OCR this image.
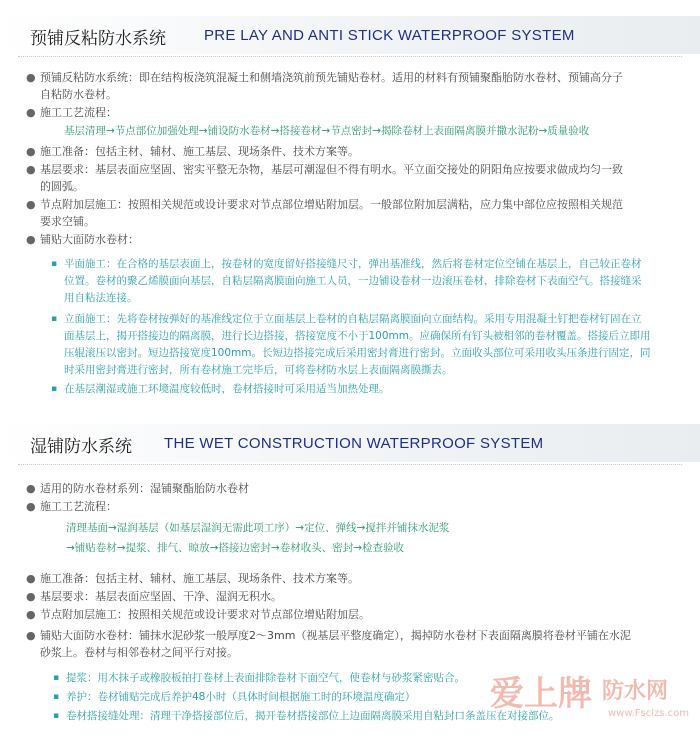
预铺反粘防水系统	PRE LAY AND ANTI STICK WATERPROOF SYSTEM
● 预铺反粘防水系统：即在结构板浇筑混凝土和侧墙浇筑前预先铺贴卷材。适用的材料有预铺聚酯胎防水卷材、预铺高分子
自粘防水卷材。
● 施工工艺流程：
基层清理→节点部位加强处理→铺设防水卷材→搭接卷材→节点密封→揭除卷材上表面隔离膜并撒水泥粉→质量验收
● 施工准备：包括主材、辅材、施工基层、现场条件、技术方案等。
● 基层要求：基层表面应坚固、密实平整无杂物，基层可潮湿但不得有明水。平立面交接处的阴阳角应按要求做成均匀一致
的圆弧。
● 节点附加层施工：按照相关规范或设计要求对节点部位增贴附加层。一般部位附加层满粘，应力集中部位应按照相关规范
要求空铺。
● 铺贴大面防水卷材：
▪ 平面施工：在合格的基层表面上，按卷材的宽度留好搭接缝尺寸，弹出基准线，然后将卷材定位空铺在基层上，自己较正卷材
位置。卷材的聚乙烯膜面向基层，自粘层隔离膜面向施工人员，一边铺设卷材一边滚压卷材，排除卷材下表面空气。搭接缝采
用自粘法连接。
▪ 立面施工：先将卷材按弹好的基准线定位于立面基层上卷材的自粘层隔离膜面向立面结构。采用专用混凝土钉把卷材钉固在立
面基层上，揭开搭接边的隔离膜，进行长边搭接，搭接宽度不小于100mm。应确保所有钉头被相邻的卷材覆盖。搭接后立即用
压辊滚压以密封。短边搭接宽度100mm。长短边搭接完成后采用密封膏进行密封。立面收头部位可采用收头压条进行固定，同
时采用密封膏进行密封，所有卷材施工完毕后，可将卷材防水层上表面隔离膜撕去。
▪ 在基层潮湿或施工环境温度较低时，卷材搭接时可采用适当加热处理。
湿铺防水系统 THE WET CONSTRUCTION WATERPROOF SYSTEM
● 适用的防水卷材系列：湿铺聚酯胎防水卷材
● 施工工艺流程：
清理基面→湿润基层（如基层湿润无需此项工序）→定位、弹线→搅拌并铺抹水泥浆
→铺贴卷材→提浆、排气、晾放→搭接边密封→卷材收头、密封→检查验收
● 施工准备：包括主材、辅材、施工基层、现场条件、技术方案等。
● 基层要求：基层表面应坚固、干净、湿润无积水。
● 节点附加层施工：按照相关规范或设计要求对节点部位增贴附加层。
● 铺贴大面防水卷材：铺抹水泥砂浆一般厚度2～3mm（视基层平整度确定），揭掉防水卷材下表面隔离膜将卷材平铺在水泥
砂浆上。卷材与相邻卷材之间平行对接。
▪ 提浆：用木抹子或橡胶板拍打卷材上表面排除卷材下面空气，使卷材与砂浆紧密贴合。
▪ 养护：卷材铺贴完成后养护48小时（具体时间根据施工时的环境温度确定）
▪ 卷材搭接缝处理：清理干净搭接部位后，揭开卷材搭接部位上边面隔离膜采用自粘封口条盖压在对接部位。
爱上牌 防水网
www.Fsclzs.com
